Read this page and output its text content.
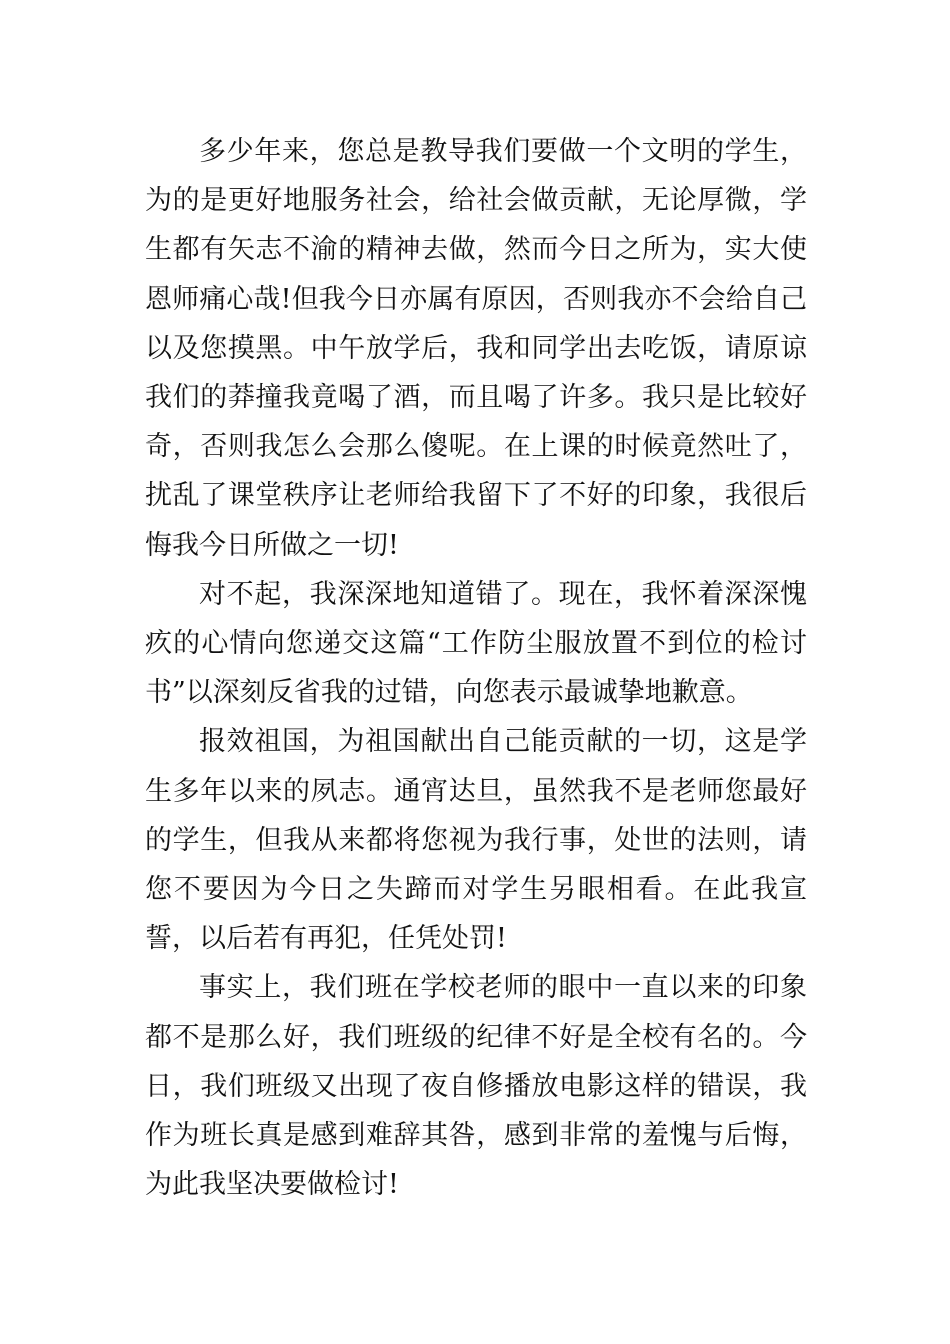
多少年来，您总是教导我们要做一个文明的学生，为的是更好地服务社会，给社会做贡献，无论厚微，学生都有矢志不渝的精神去做，然而今日之所为，实大使恩师痛心哉!但我今日亦属有原因，否则我亦不会给自己以及您摸黑。中午放学后，我和同学出去吃饭，请原谅我们的莽撞我竟喝了酒，而且喝了许多。我只是比较好奇，否则我怎么会那么傻呢。在上课的时候竟然吐了，扰乱了课堂秩序让老师给我留下了不好的印象，我很后悔我今日所做之一切!

对不起，我深深地知道错了。现在，我怀着深深愧疚的心情向您递交这篇“工作防尘服放置不到位的检讨书”以深刻反省我的过错，向您表示最诚挚地歉意。

报效祖国，为祖国献出自己能贡献的一切，这是学生多年以来的夙志。通宵达旦，虽然我不是老师您最好的学生，但我从来都将您视为我行事，处世的法则，请您不要因为今日之失蹄而对学生另眼相看。在此我宣誓，以后若有再犯，任凭处罚!

事实上，我们班在学校老师的眼中一直以来的印象都不是那么好，我们班级的纪律不好是全校有名的。今日，我们班级又出现了夜自修播放电影这样的错误，我作为班长真是感到难辞其咎，感到非常的羞愧与后悔，为此我坚决要做检讨!
